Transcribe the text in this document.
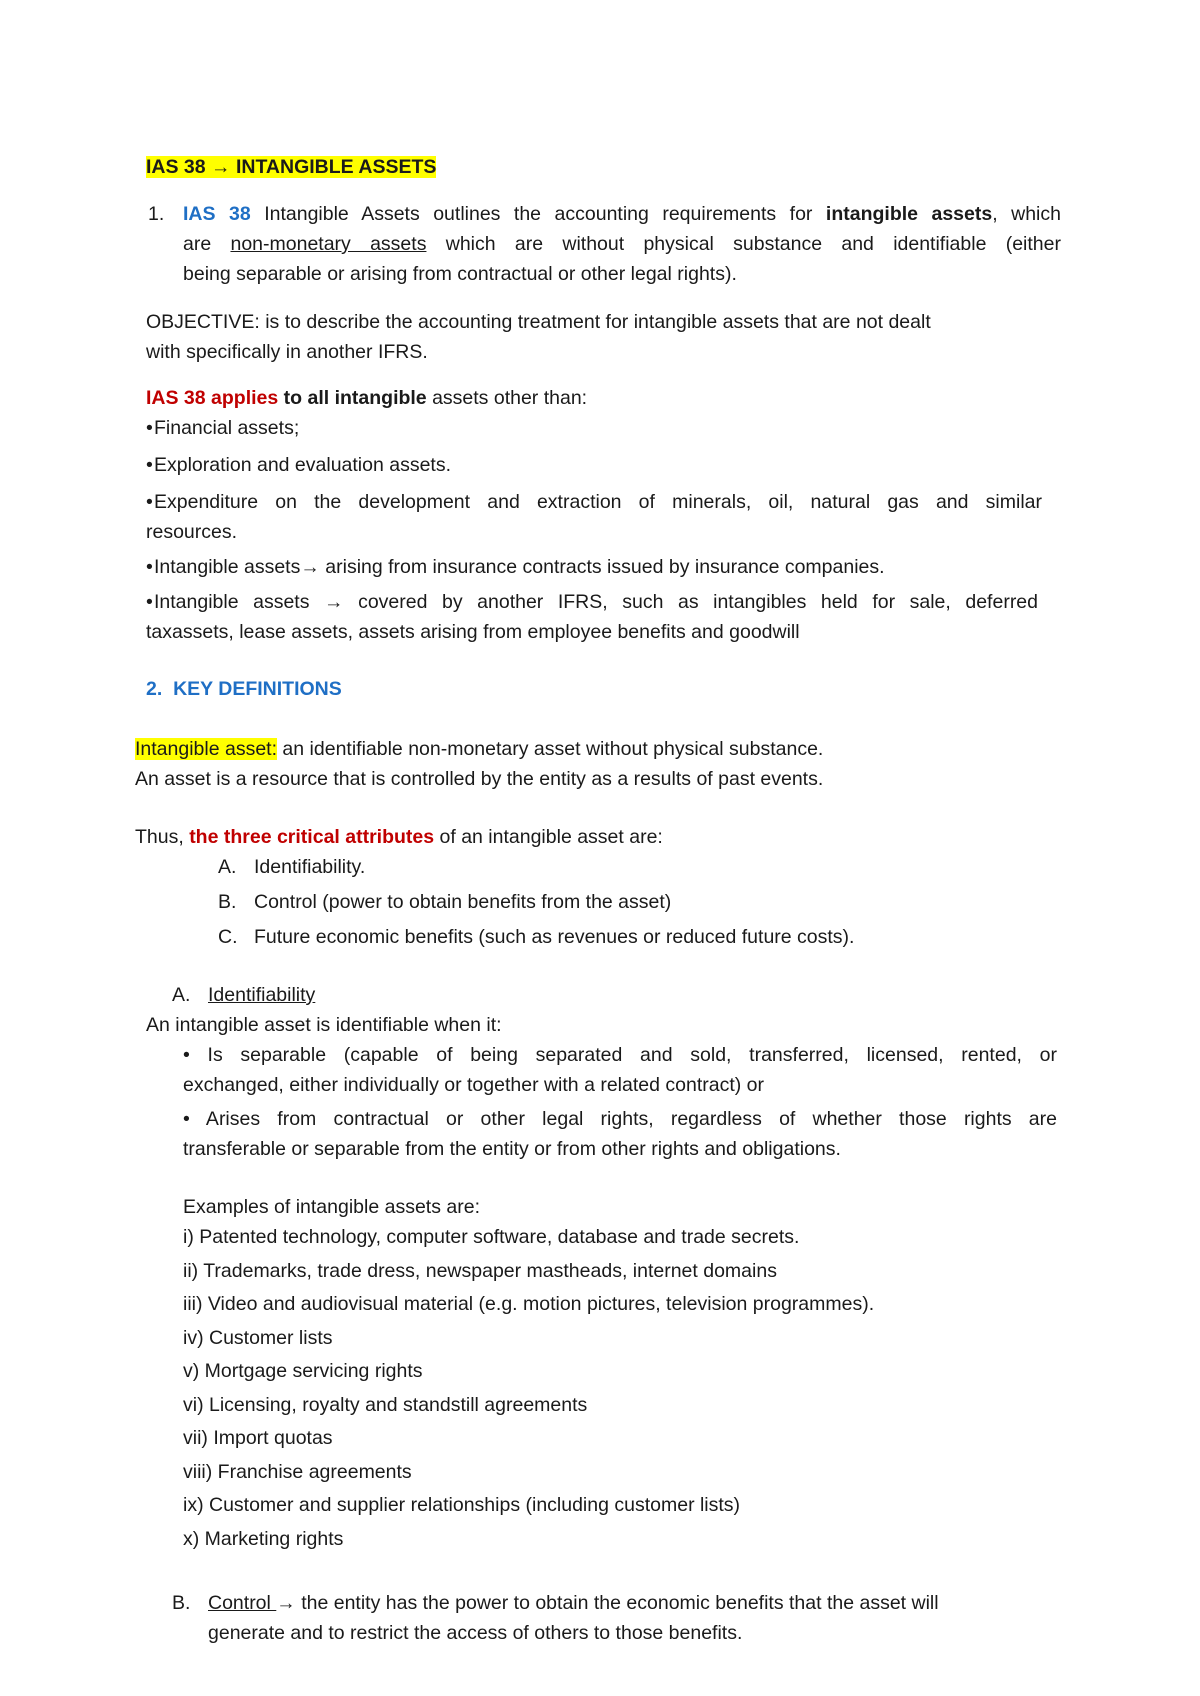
IAS 38 → INTANGIBLE ASSETS
1. IAS 38 Intangible Assets outlines the accounting requirements for intangible assets, which
are non-monetary assets which are without physical substance and identifiable (either
being separable or arising from contractual or other legal rights).
OBJECTIVE: is to describe the accounting treatment for intangible assets that are not dealt
with specifically in another IFRS.
IAS 38 applies to all intangible assets other than:
•Financial assets;
•Exploration and evaluation assets.
•Expenditure on the development and extraction of minerals, oil, natural gas and similar
resources.
•Intangible assets→ arising from insurance contracts issued by insurance companies.
•Intangible assets → covered by another IFRS, such as intangibles held for sale, deferred
taxassets, lease assets, assets arising from employee benefits and goodwill
2.  KEY DEFINITIONS
Intangible asset: an identifiable non-monetary asset without physical substance.
An asset is a resource that is controlled by the entity as a results of past events.
Thus, the three critical attributes of an intangible asset are:
A. Identifiability.
B. Control (power to obtain benefits from the asset)
C. Future economic benefits (such as revenues or reduced future costs).
A. Identifiability
An intangible asset is identifiable when it:
• Is separable (capable of being separated and sold, transferred, licensed, rented, or
exchanged, either individually or together with a related contract) or
• Arises from contractual or other legal rights, regardless of whether those rights are
transferable or separable from the entity or from other rights and obligations.
Examples of intangible assets are:
i) Patented technology, computer software, database and trade secrets.
ii) Trademarks, trade dress, newspaper mastheads, internet domains
iii) Video and audiovisual material (e.g. motion pictures, television programmes).
iv) Customer lists
v) Mortgage servicing rights
vi) Licensing, royalty and standstill agreements
vii) Import quotas
viii) Franchise agreements
ix) Customer and supplier relationships (including customer lists)
x) Marketing rights
B. Control → the entity has the power to obtain the economic benefits that the asset will
generate and to restrict the access of others to those benefits.
